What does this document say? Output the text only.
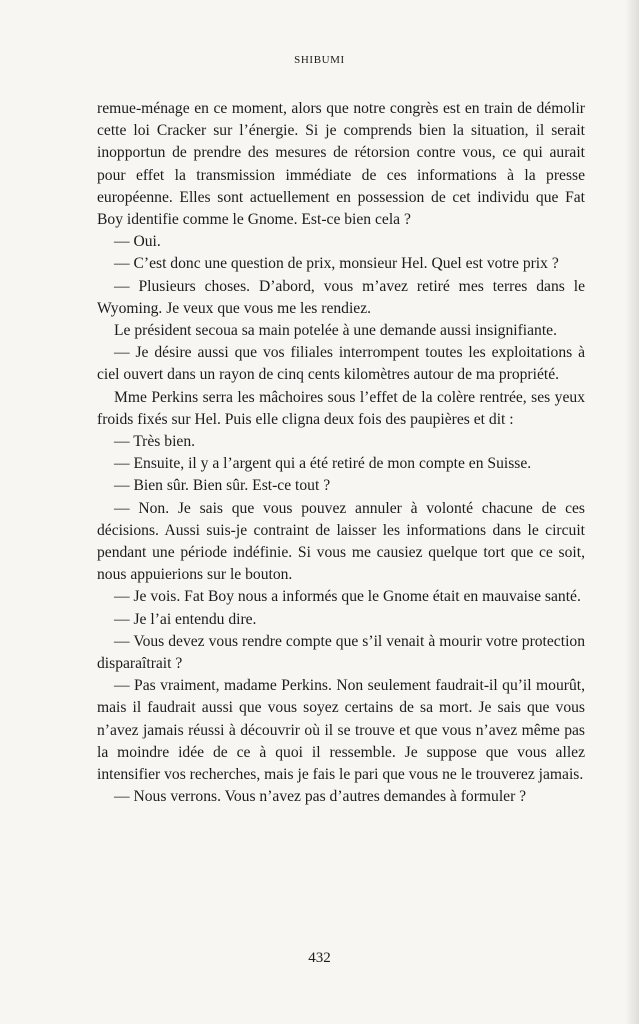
SHIBUMI

remue-ménage en ce moment, alors que notre congrès est en train de démolir cette loi Cracker sur l’énergie. Si je comprends bien la situation, il serait inopportun de prendre des mesures de rétorsion contre vous, ce qui aurait pour effet la transmission immédiate de ces informations à la presse européenne. Elles sont actuellement en possession de cet individu que Fat Boy identifie comme le Gnome. Est-ce bien cela ?

— Oui.

— C’est donc une question de prix, monsieur Hel. Quel est votre prix ?

— Plusieurs choses. D’abord, vous m’avez retiré mes terres dans le Wyoming. Je veux que vous me les rendiez.

Le président secoua sa main potelée à une demande aussi insignifiante.

— Je désire aussi que vos filiales interrompent toutes les exploitations à ciel ouvert dans un rayon de cinq cents kilomètres autour de ma propriété.

Mme Perkins serra les mâchoires sous l’effet de la colère rentrée, ses yeux froids fixés sur Hel. Puis elle cligna deux fois des paupières et dit :

— Très bien.

— Ensuite, il y a l’argent qui a été retiré de mon compte en Suisse.

— Bien sûr. Bien sûr. Est-ce tout ?

— Non. Je sais que vous pouvez annuler à volonté chacune de ces décisions. Aussi suis-je contraint de laisser les informations dans le circuit pendant une période indéfinie. Si vous me causiez quelque tort que ce soit, nous appuierions sur le bouton.

— Je vois. Fat Boy nous a informés que le Gnome était en mauvaise santé.

— Je l’ai entendu dire.

— Vous devez vous rendre compte que s’il venait à mourir votre protection disparaîtrait ?

— Pas vraiment, madame Perkins. Non seulement faudrait-il qu’il mourût, mais il faudrait aussi que vous soyez certains de sa mort. Je sais que vous n’avez jamais réussi à découvrir où il se trouve et que vous n’avez même pas la moindre idée de ce à quoi il ressemble. Je suppose que vous allez intensifier vos recherches, mais je fais le pari que vous ne le trouverez jamais.

— Nous verrons. Vous n’avez pas d’autres demandes à formuler ?

432
